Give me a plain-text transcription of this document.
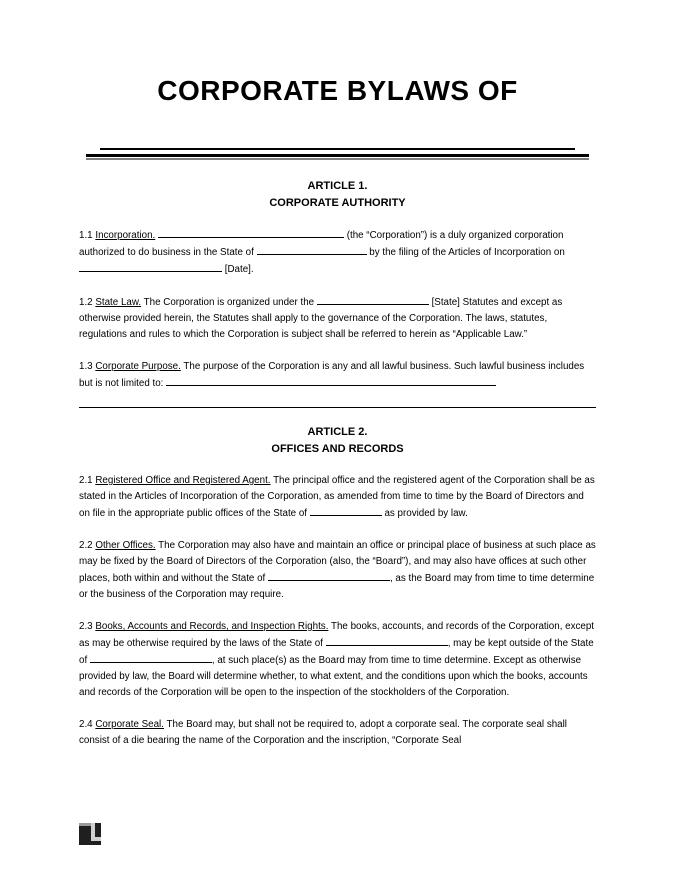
CORPORATE BYLAWS OF
ARTICLE 1.
CORPORATE AUTHORITY

1.1 Incorporation.	(the “Corporation”) is a duly organized corporation authorized to do business in the State of	by the filing of the Articles of Incorporation on  [Date].

1.2 State Law. The Corporation is organized under the	[State] Statutes and except as otherwise provided herein, the Statutes shall apply to the governance of the Corporation. The laws, statutes, regulations and rules to which the Corporation is subject shall be referred to herein as “Applicable Law.”

1.3 Corporate Purpose. The purpose of the Corporation is any and all lawful business. Such lawful business includes but is not limited to:

ARTICLE 2.
OFFICES AND RECORDS

2.1 Registered Office and Registered Agent. The principal office and the registered agent of the Corporation shall be as stated in the Articles of Incorporation of the Corporation, as amended from time to time by the Board of Directors and on file in the appropriate public offices of the State of	as provided by law.

2.2 Other Offices. The Corporation may also have and maintain an office or principal place of business at such place as may be fixed by the Board of Directors of the Corporation (also, the “Board”), and may also have offices at such other places, both within and without the State of	, as the Board may from time to time determine or the business of the Corporation may require.

2.3 Books, Accounts and Records, and Inspection Rights. The books, accounts, and records of the Corporation, except as may be otherwise required by the laws of the State of	, may be kept outside of the State of	, at such place(s) as the Board may from time to time determine. Except as otherwise provided by law, the Board will determine whether, to what extent, and the conditions upon which the books, accounts and records of the Corporation will be open to the inspection of the stockholders of the Corporation.

2.4 Corporate Seal. The Board may, but shall not be required to, adopt a corporate seal. The corporate seal shall consist of a die bearing the name of the Corporation and the inscription, “Corporate Seal
